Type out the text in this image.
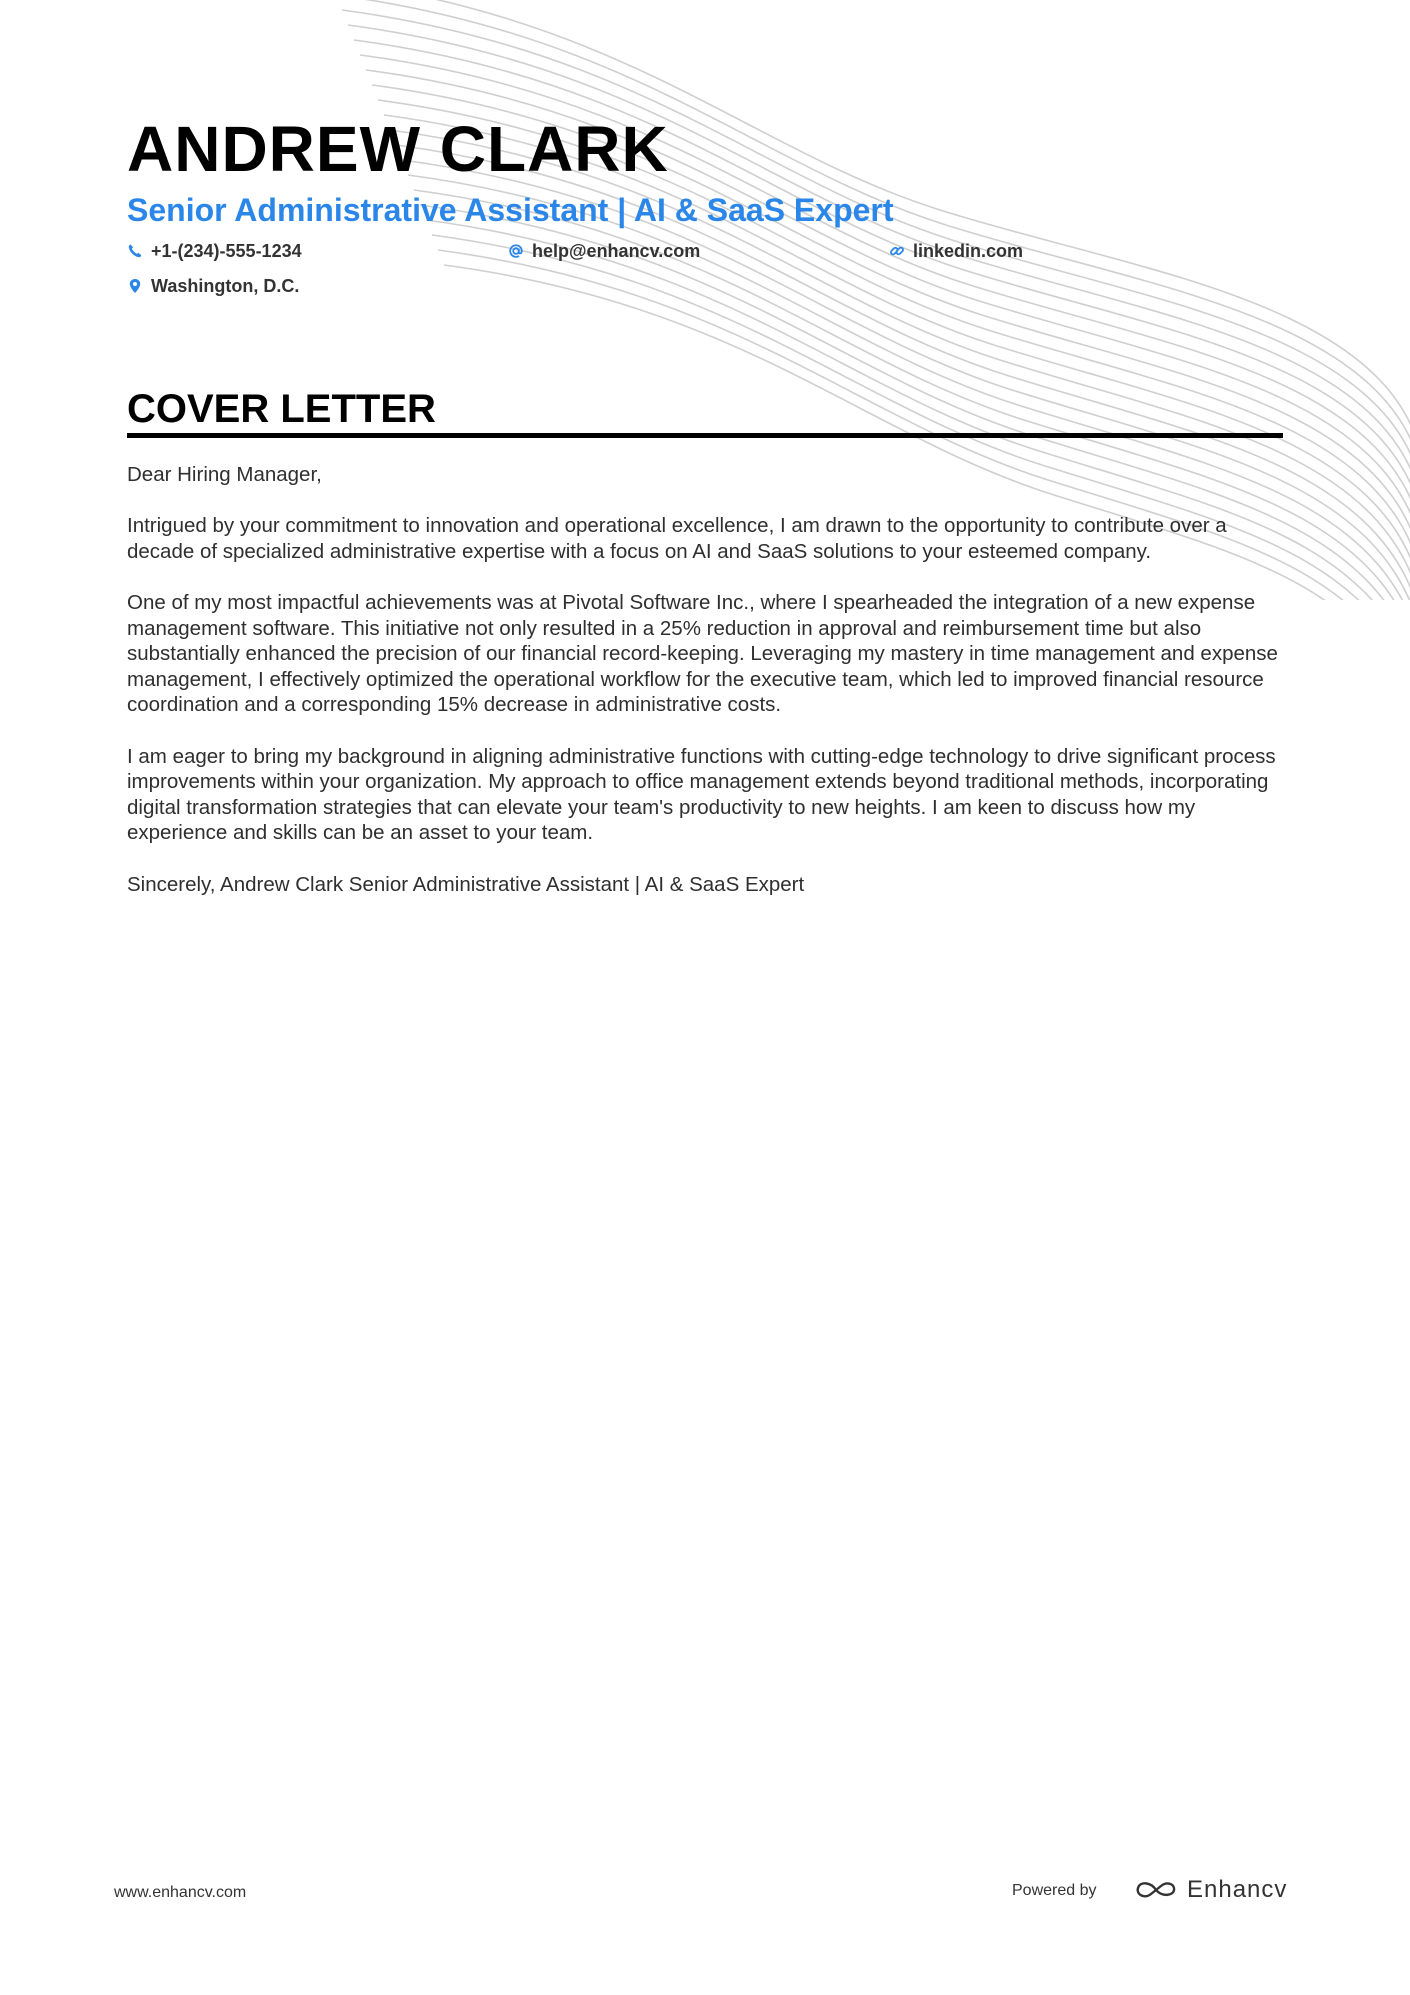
ANDREW CLARK
Senior Administrative Assistant | AI & SaaS Expert
+1-(234)-555-1234	help@enhancv.com	linkedin.com
Washington, D.C.
COVER LETTER

Dear Hiring Manager,

Intrigued by your commitment to innovation and operational excellence, I am drawn to the opportunity to contribute over a decade of specialized administrative expertise with a focus on AI and SaaS solutions to your esteemed company.

One of my most impactful achievements was at Pivotal Software Inc., where I spearheaded the integration of a new expense management software. This initiative not only resulted in a 25% reduction in approval and reimbursement time but also substantially enhanced the precision of our financial record-keeping. Leveraging my mastery in time management and expense management, I effectively optimized the operational workflow for the executive team, which led to improved financial resource coordination and a corresponding 15% decrease in administrative costs.

I am eager to bring my background in aligning administrative functions with cutting-edge technology to drive significant process improvements within your organization. My approach to office management extends beyond traditional methods, incorporating digital transformation strategies that can elevate your team's productivity to new heights. I am keen to discuss how my experience and skills can be an asset to your team.

Sincerely, Andrew Clark Senior Administrative Assistant | AI & SaaS Expert

www.enhancv.com	Powered by	Enhancv
